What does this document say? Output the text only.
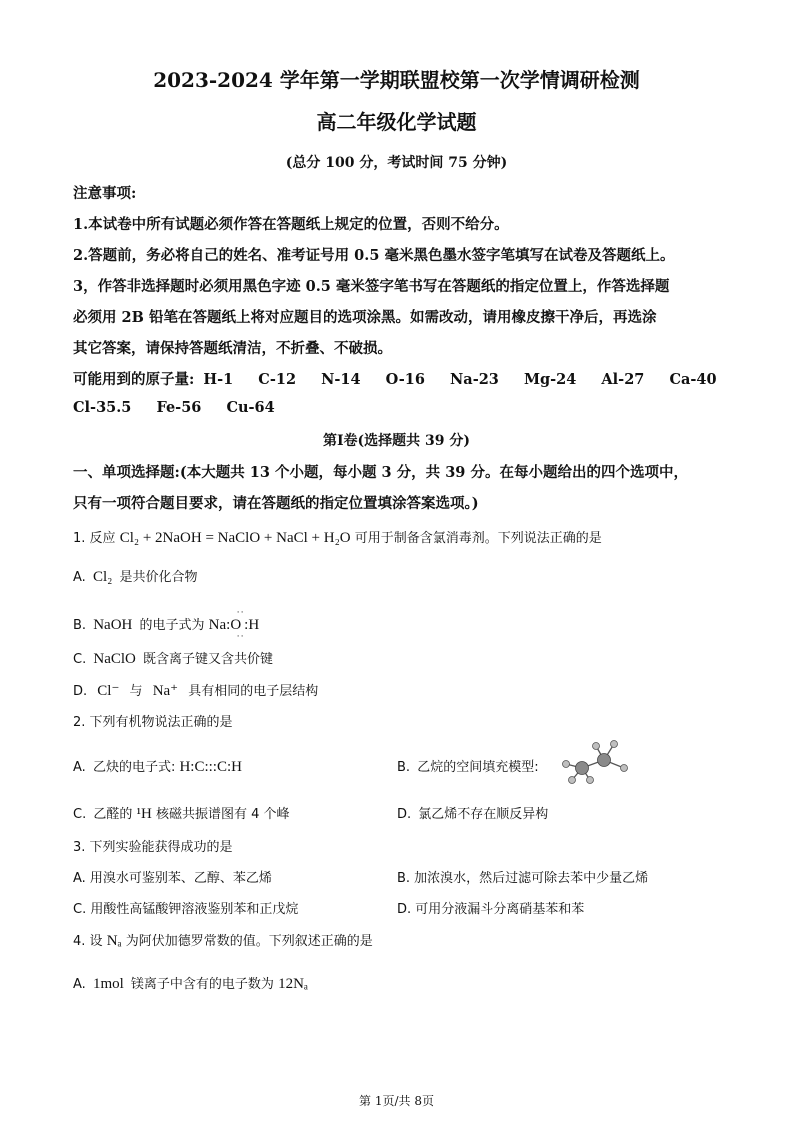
2023-2024 学年第一学期联盟校第一次学情调研检测
高二年级化学试题
(总分 100 分，考试时间 75 分钟)
注意事项:
1.本试卷中所有试题必须作答在答题纸上规定的位置，否则不给分。
2.答题前，务必将自己的姓名、准考证号用 0.5 毫米黑色墨水签字笔填写在试卷及答题纸上。
3，作答非选择题时必须用黑色字迹 0.5 毫米签字笔书写在答题纸的指定位置上，作答选择题
必须用 2B 铅笔在答题纸上将对应题目的选项涂黑。如需改动，请用橡皮擦干净后，再选涂
其它答案，请保持答题纸清洁，不折叠、不破损。
可能用到的原子量: H-1 C-12 N-14 O-16 Na-23 Mg-24 Al-27 Ca-40
Cl-35.5 Fe-56 Cu-64
第Ⅰ卷(选择题共 39 分)
一、单项选择题:(本大题共 13 个小题，每小题 3 分，共 39 分。在每小题给出的四个选项中，
只有一项符合题目要求，请在答题纸的指定位置填涂答案选项。)
1. 反应 Cl₂ + 2NaOH = NaClO + NaCl + H₂O 可用于制备含氯消毒剂。下列说法正确的是
A. Cl₂ 是共价化合物
B. NaOH 的电子式为 Na:O
··
··
:H
C. NaClO 既含离子键又含共价键
D. Cl⁻ 与 Na⁺ 具有相同的电子层结构
2. 下列有机物说法正确的是
A. 乙炔的电子式: H:C:::C:H	B. 乙烷的空间填充模型:
C. 乙醛的 ¹H 核磁共振谱图有 4 个峰	D. 氯乙烯不存在顺反异构
3. 下列实验能获得成功的是
A. 用溴水可鉴别苯、乙醇、苯乙烯	B. 加浓溴水，然后过滤可除去苯中少量乙烯
C. 用酸性高锰酸钾溶液鉴别苯和正戊烷	D. 可用分液漏斗分离硝基苯和苯
4. 设 Nₐ 为阿伏加德罗常数的值。下列叙述正确的是
A. 1mol 镁离子中含有的电子数为 12Nₐ
第 1页/共 8页
